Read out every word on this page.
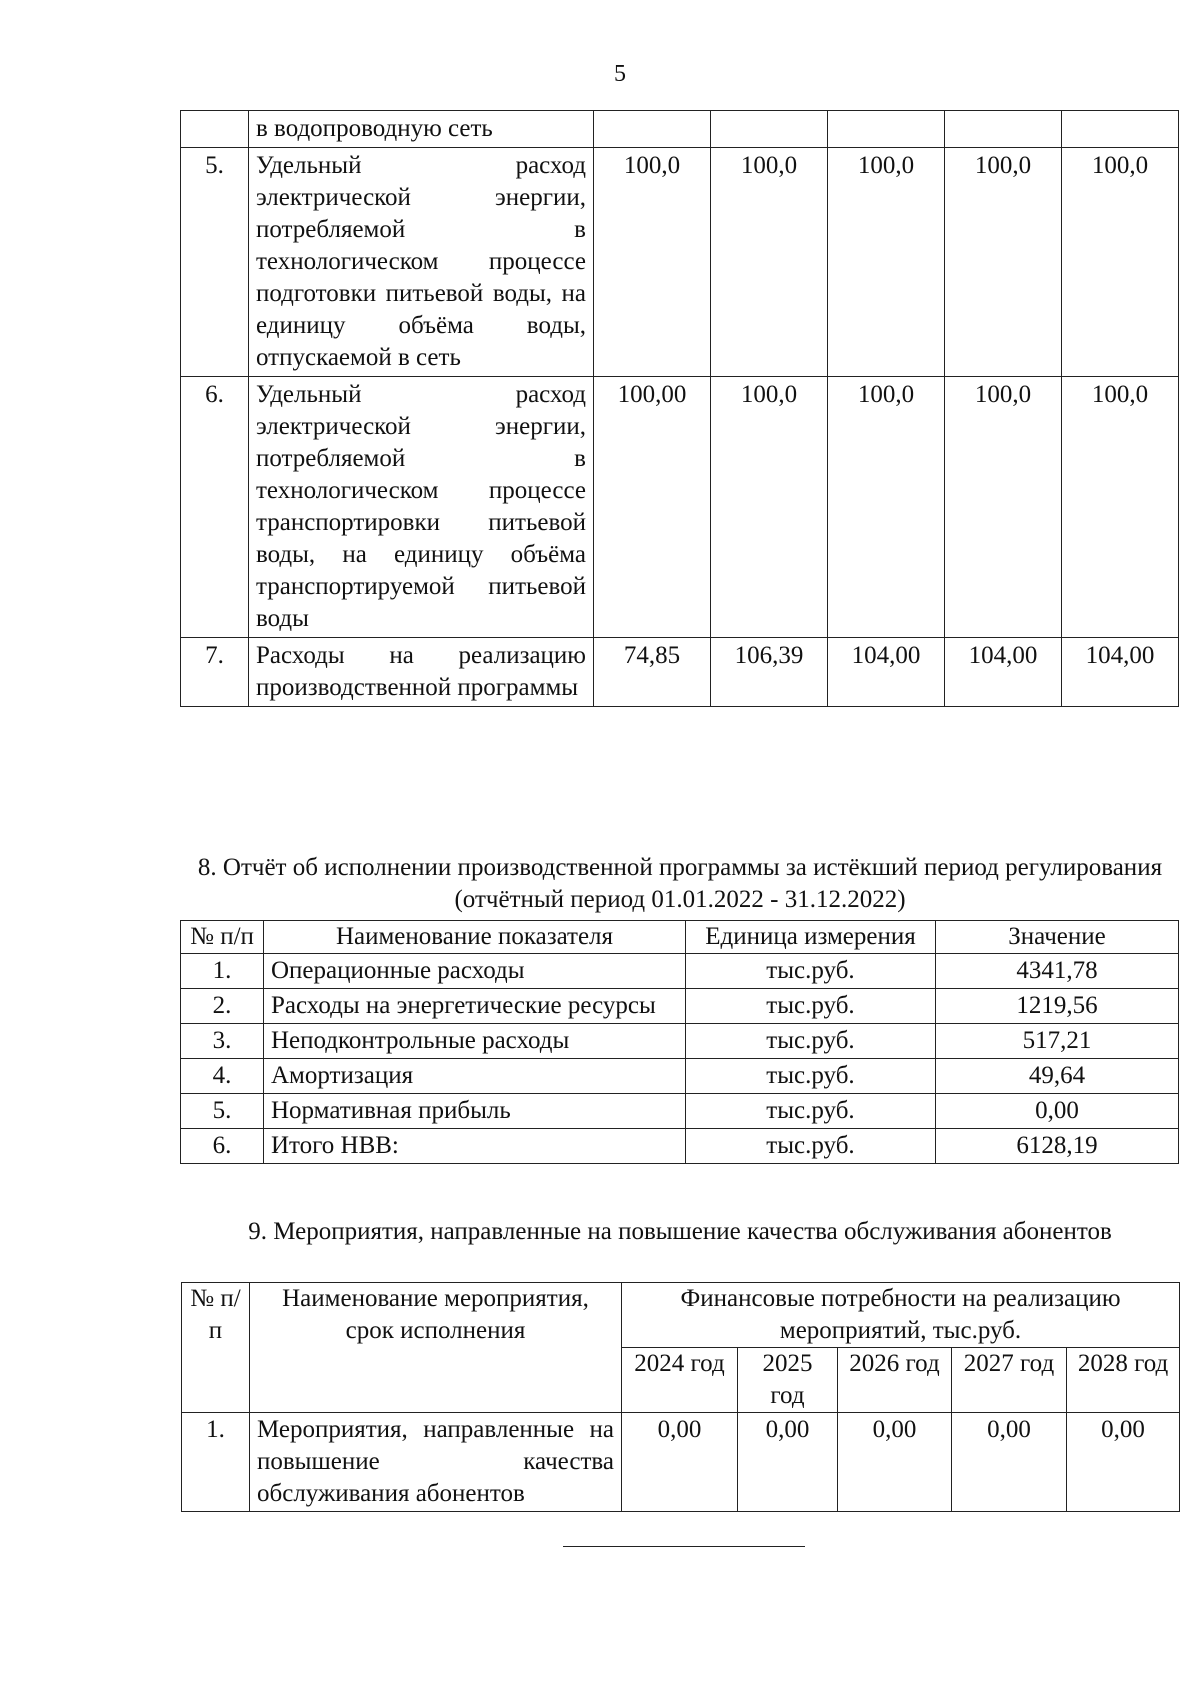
5
	в водопроводную сеть					
5.	Удельный расход электрической энергии, потребляемой в технологическом процессе подготовки питьевой воды, на единицу объёма воды, отпускаемой в сеть	100,0	100,0	100,0	100,0	100,0
6.	Удельный расход электрической энергии, потребляемой в технологическом процессе транспортировки питьевой воды, на единицу объёма транспортируемой питьевой воды	100,00	100,0	100,0	100,0	100,0
7.	Расходы на реализацию производственной программы	74,85	106,39	104,00	104,00	104,00
8. Отчёт об исполнении производственной программы за истёкший период регулирования (отчётный период 01.01.2022 - 31.12.2022)
№ п/п	Наименование показателя	Единица измерения	Значение
1.	Операционные расходы	тыс.руб.	4341,78
2.	Расходы на энергетические ресурсы	тыс.руб.	1219,56
3.	Неподконтрольные расходы	тыс.руб.	517,21
4.	Амортизация	тыс.руб.	49,64
5.	Нормативная прибыль	тыс.руб.	0,00
6.	Итого НВВ:	тыс.руб.	6128,19
9. Мероприятия, направленные на повышение качества обслуживания абонентов
№ п/п	Наименование мероприятия, срок исполнения	Финансовые потребности на реализацию мероприятий, тыс.руб.				
		2024 год	2025 год	2026 год	2027 год	2028 год
1.	Мероприятия, направленные на повышение качества обслуживания абонентов	0,00	0,00	0,00	0,00	0,00
